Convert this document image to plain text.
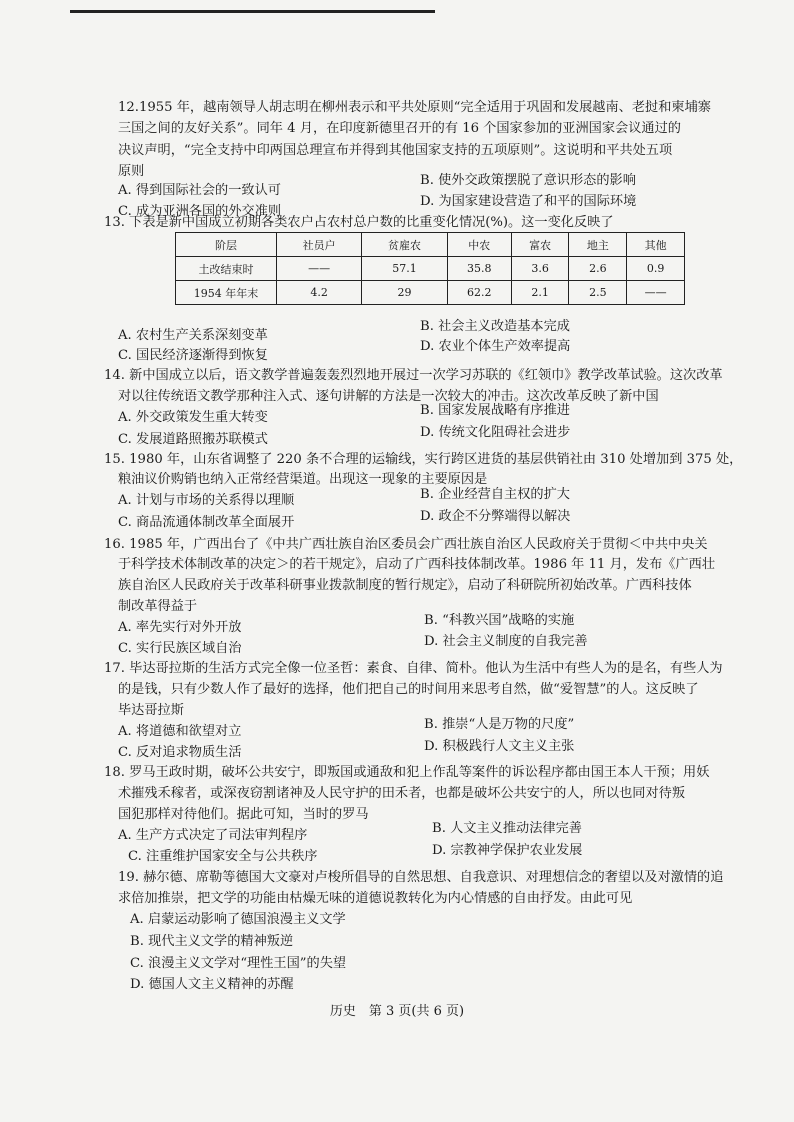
12.1955 年，越南领导人胡志明在柳州表示和平共处原则“完全适用于巩固和发展越南、老挝和柬埔寨
三国之间的友好关系”。同年 4 月，在印度新德里召开的有 16 个国家参加的亚洲国家会议通过的
决议声明，“完全支持中印两国总理宣布并得到其他国家支持的五项原则”。这说明和平共处五项
原则
A. 得到国际社会的一致认可
B. 使外交政策摆脱了意识形态的影响
C. 成为亚洲各国的外交准则
D. 为国家建设营造了和平的国际环境
13. 下表是新中国成立初期各类农户占农村总户数的比重变化情况(%)。这一变化反映了
阶层	社员户	贫雇农	中农	富农	地主	其他
土改结束时	——	57.1	35.8	3.6	2.6	0.9
1954 年年末	4.2	29	62.2	2.1	2.5	——
A. 农村生产关系深刻变革
B. 社会主义改造基本完成
C. 国民经济逐渐得到恢复
D. 农业个体生产效率提高
14. 新中国成立以后，语文教学普遍轰轰烈烈地开展过一次学习苏联的《红领巾》教学改革试验。这次改革
对以往传统语文教学那种注入式、逐句讲解的方法是一次较大的冲击。这次改革反映了新中国
A. 外交政策发生重大转变	B. 国家发展战略有序推进
C. 发展道路照搬苏联模式	D. 传统文化阻碍社会进步
15. 1980 年，山东省调整了 220 条不合理的运输线，实行跨区进货的基层供销社由 310 处增加到 375 处，
粮油议价购销也纳入正常经营渠道。出现这一现象的主要原因是
A. 计划与市场的关系得以理顺	B. 企业经营自主权的扩大
C. 商品流通体制改革全面展开	D. 政企不分弊端得以解决
16. 1985 年，广西出台了《中共广西壮族自治区委员会广西壮族自治区人民政府关于贯彻＜中共中央关
于科学技术体制改革的决定＞的若干规定》，启动了广西科技体制改革。1986 年 11 月，发布《广西壮
族自治区人民政府关于改革科研事业拨款制度的暂行规定》，启动了科研院所初始改革。广西科技体
制改革得益于
A. 率先实行对外开放	B. “科教兴国”战略的实施
C. 实行民族区域自治	D. 社会主义制度的自我完善
17. 毕达哥拉斯的生活方式完全像一位圣哲：素食、自律、简朴。他认为生活中有些人为的是名，有些人为
的是钱，只有少数人作了最好的选择，他们把自己的时间用来思考自然，做“爱智慧”的人。这反映了
毕达哥拉斯
A. 将道德和欲望对立	B. 推崇“人是万物的尺度”
C. 反对追求物质生活	D. 积极践行人文主义主张
18. 罗马王政时期，破坏公共安宁，即叛国或通敌和犯上作乱等案件的诉讼程序都由国王本人干预；用妖
术摧残禾稼者，或深夜窃割诸神及人民守护的田禾者，也都是破坏公共安宁的人，所以也同对待叛
国犯那样对待他们。据此可知，当时的罗马
A. 生产方式决定了司法审判程序	B. 人文主义推动法律完善
C. 注重维护国家安全与公共秩序	D. 宗教神学保护农业发展
19. 赫尔德、席勒等德国大文豪对卢梭所倡导的自然思想、自我意识、对理想信念的奢望以及对激情的追
求倍加推崇，把文学的功能由枯燥无味的道德说教转化为内心情感的自由抒发。由此可见
A. 启蒙运动影响了德国浪漫主义文学
B. 现代主义文学的精神叛逆
C. 浪漫主义文学对“理性王国”的失望
D. 德国人文主义精神的苏醒
历史　第 3 页(共 6 页)
